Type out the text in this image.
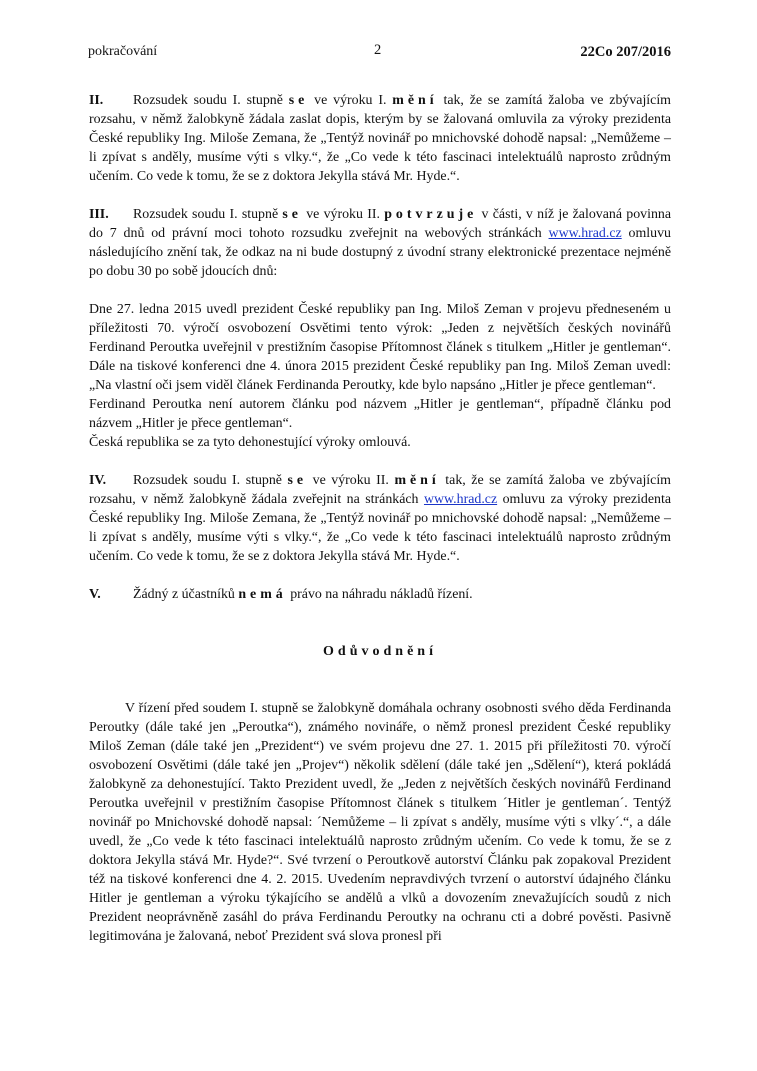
pokračování	2	22Co 207/2016

II. Rozsudek soudu I. stupně se ve výroku I. mění tak, že se zamítá žaloba ve zbývajícím rozsahu, v němž žalobkyně žádala zaslat dopis, kterým by se žalovaná omluvila za výroky prezidenta České republiky Ing. Miloše Zemana, že „Tentýž novinář po mnichovské dohodě napsal: „Nemůžeme – li zpívat s anděly, musíme výti s vlky.“, že „Co vede k této fascinaci intelektuálů naprosto zrůdným učením. Co vede k tomu, že se z doktora Jekylla stává Mr. Hyde.“.

III. Rozsudek soudu I. stupně se ve výroku II. potvrzuje v části, v níž je žalovaná povinna do 7 dnů od právní moci tohoto rozsudku zveřejnit na webových stránkách www.hrad.cz omluvu následujícího znění tak, že odkaz na ni bude dostupný z úvodní strany elektronické prezentace nejméně po dobu 30 po sobě jdoucích dnů:

Dne 27. ledna 2015 uvedl prezident České republiky pan Ing. Miloš Zeman v projevu předneseném u příležitosti 70. výročí osvobození Osvětimi tento výrok: „Jeden z největších českých novinářů Ferdinand Peroutka uveřejnil v prestižním časopise Přítomnost článek s titulkem „Hitler je gentleman“. Dále na tiskové konferenci dne 4. února 2015 prezident České republiky pan Ing. Miloš Zeman uvedl: „Na vlastní oči jsem viděl článek Ferdinanda Peroutky, kde bylo napsáno „Hitler je přece gentleman“.

Ferdinand Peroutka není autorem článku pod názvem „Hitler je gentleman“, případně článku pod názvem „Hitler je přece gentleman“.

Česká republika se za tyto dehonestující výroky omlouvá.

IV. Rozsudek soudu I. stupně se ve výroku II. mění tak, že se zamítá žaloba ve zbývajícím rozsahu, v němž žalobkyně žádala zveřejnit na stránkách www.hrad.cz omluvu za výroky prezidenta České republiky Ing. Miloše Zemana, že „Tentýž novinář po mnichovské dohodě napsal: „Nemůžeme – li zpívat s anděly, musíme výti s vlky.“, že „Co vede k této fascinaci intelektuálů naprosto zrůdným učením. Co vede k tomu, že se z doktora Jekylla stává Mr. Hyde.“.

V. Žádný z účastníků nemá právo na náhradu nákladů řízení.

Odůvodnění

V řízení před soudem I. stupně se žalobkyně domáhala ochrany osobnosti svého děda Ferdinanda Peroutky (dále také jen „Peroutka“), známého novináře, o němž pronesl prezident České republiky Miloš Zeman (dále také jen „Prezident“) ve svém projevu dne 27. 1. 2015 při příležitosti 70. výročí osvobození Osvětimi (dále také jen „Projev“) několik sdělení (dále také jen „Sdělení“), která pokládá žalobkyně za dehonestující. Takto Prezident uvedl, že „Jeden z největších českých novinářů Ferdinand Peroutka uveřejnil v prestižním časopise Přítomnost článek s titulkem ´Hitler je gentleman´. Tentýž novinář po Mnichovské dohodě napsal: ´Nemůžeme – li zpívat s anděly, musíme výti s vlky´.“, a dále uvedl, že „Co vede k této fascinaci intelektuálů naprosto zrůdným učením. Co vede k tomu, že se z doktora Jekylla stává Mr. Hyde?“. Své tvrzení o Peroutkově autorství Článku pak zopakoval Prezident též na tiskové konferenci dne 4. 2. 2015. Uvedením nepravdivých tvrzení o autorství údajného článku Hitler je gentleman a výroku týkajícího se andělů a vlků a dovozením znevažujících soudů z nich Prezident neoprávněně zasáhl do práva Ferdinandu Peroutky na ochranu cti a dobré pověsti. Pasivně legitimována je žalovaná, neboť Prezident svá slova pronesl při
